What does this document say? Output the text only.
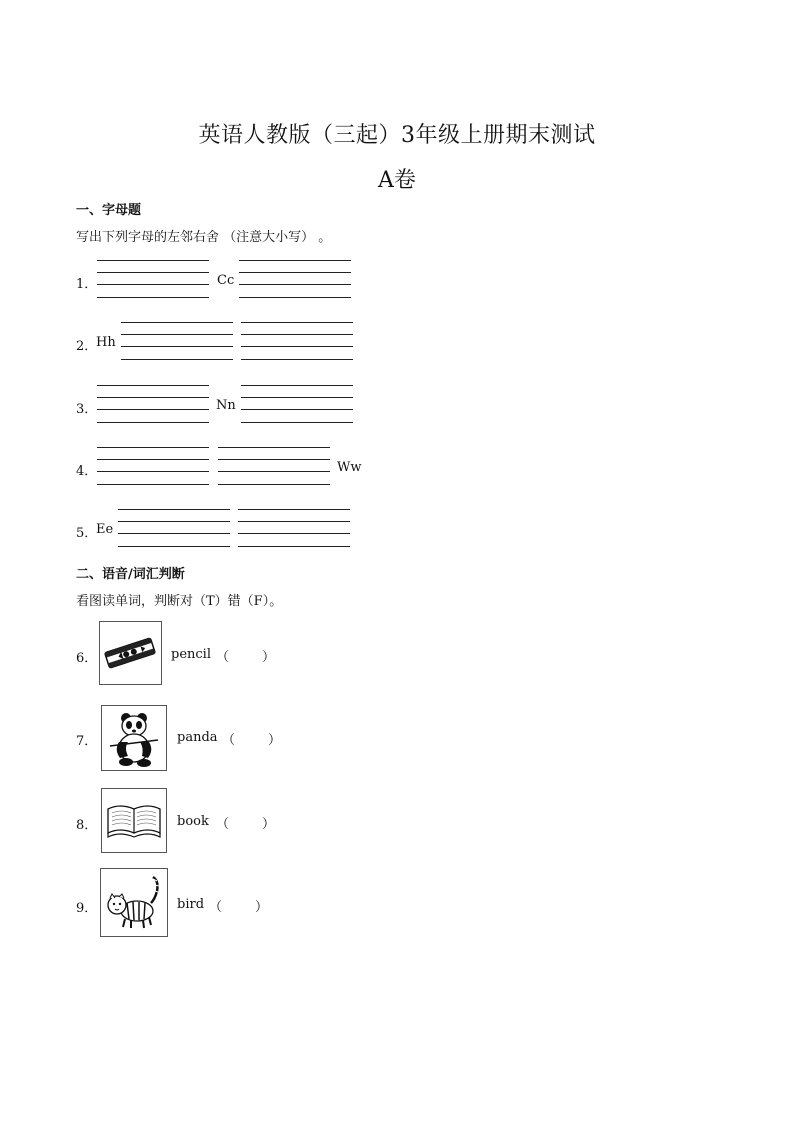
英语人教版（三起）3年级上册期末测试
A卷
一、字母题
写出下列字母的左邻右舍 （注意大小写） 。
1．	Cc
2．
Hh
3．	Nn
4．	Ww
5．
Ee
二、语音/词汇判断
看图读单词，判断对（T）错（F）。
6．	pencil （	）
7．	panda （	）
8．	book （	）
9．	bird （	）
